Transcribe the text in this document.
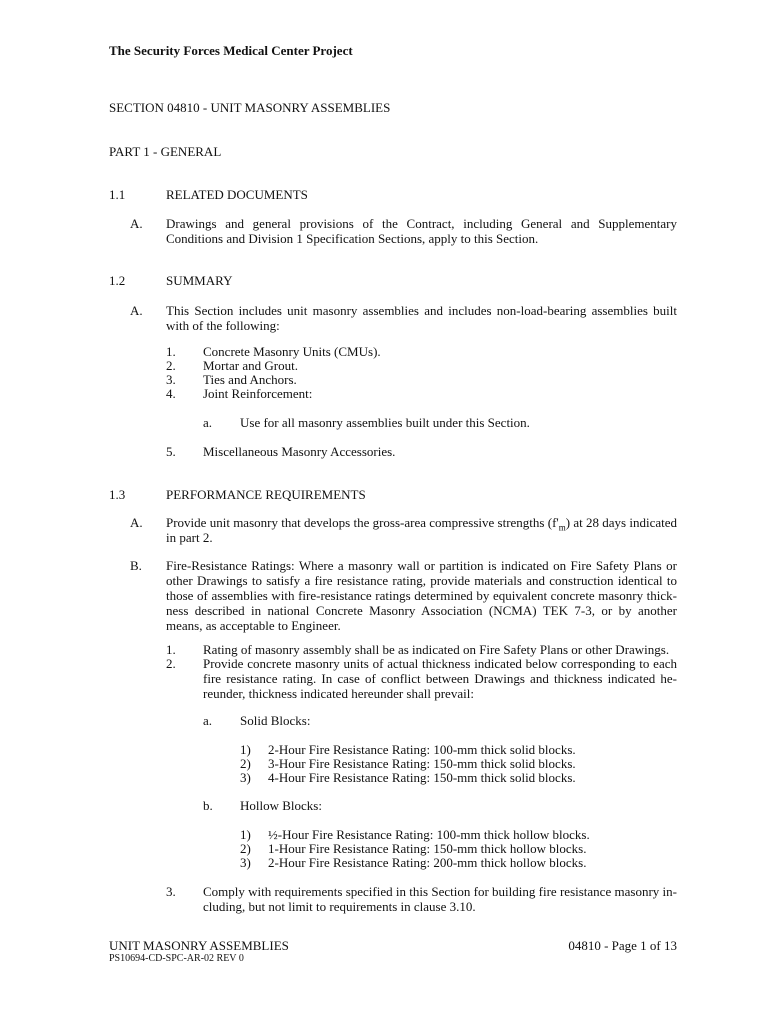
The Security Forces Medical Center Project
SECTION 04810 - UNIT MASONRY ASSEMBLIES
PART 1 - GENERAL
1.1	RELATED DOCUMENTS
A. Drawings and general provisions of the Contract, including General and Supplementary Conditions and Division 1 Specification Sections, apply to this Section.
1.2	SUMMARY
A. This Section includes unit masonry assemblies and includes non-load-bearing assemblies built with of the following:
1. Concrete Masonry Units (CMUs).
2. Mortar and Grout.
3. Ties and Anchors.
4. Joint Reinforcement:
a. Use for all masonry assemblies built under this Section.
5. Miscellaneous Masonry Accessories.
1.3	PERFORMANCE REQUIREMENTS
A. Provide unit masonry that develops the gross-area compressive strengths $(f'_m)$ at 28 days indicated in part 2.
B. Fire-Resistance Ratings: Where a masonry wall or partition is indicated on Fire Safety Plans or other Drawings to satisfy a fire resistance rating, provide materials and construction identical to those of assemblies with fire-resistance ratings determined by equivalent concrete masonry thick-ness described in national Concrete Masonry Association (NCMA) TEK 7-3, or by another means, as acceptable to Engineer.
1. Rating of masonry assembly shall be as indicated on Fire Safety Plans or other Drawings.
2. Provide concrete masonry units of actual thickness indicated below corresponding to each fire resistance rating. In case of conflict between Drawings and thickness indicated he-reunder, thickness indicated hereunder shall prevail:
a. Solid Blocks:
1) 2-Hour Fire Resistance Rating: 100-mm thick solid blocks.
2) 3-Hour Fire Resistance Rating: 150-mm thick solid blocks.
3) 4-Hour Fire Resistance Rating: 150-mm thick solid blocks.
b. Hollow Blocks:
1) ½-Hour Fire Resistance Rating: 100-mm thick hollow blocks.
2) 1-Hour Fire Resistance Rating: 150-mm thick hollow blocks.
3) 2-Hour Fire Resistance Rating: 200-mm thick hollow blocks.
3. Comply with requirements specified in this Section for building fire resistance masonry in-cluding, but not limit to requirements in clause 3.10.
UNIT MASONRY ASSEMBLIES	04810 - Page 1 of 13
PS10694-CD-SPC-AR-02 REV 0
